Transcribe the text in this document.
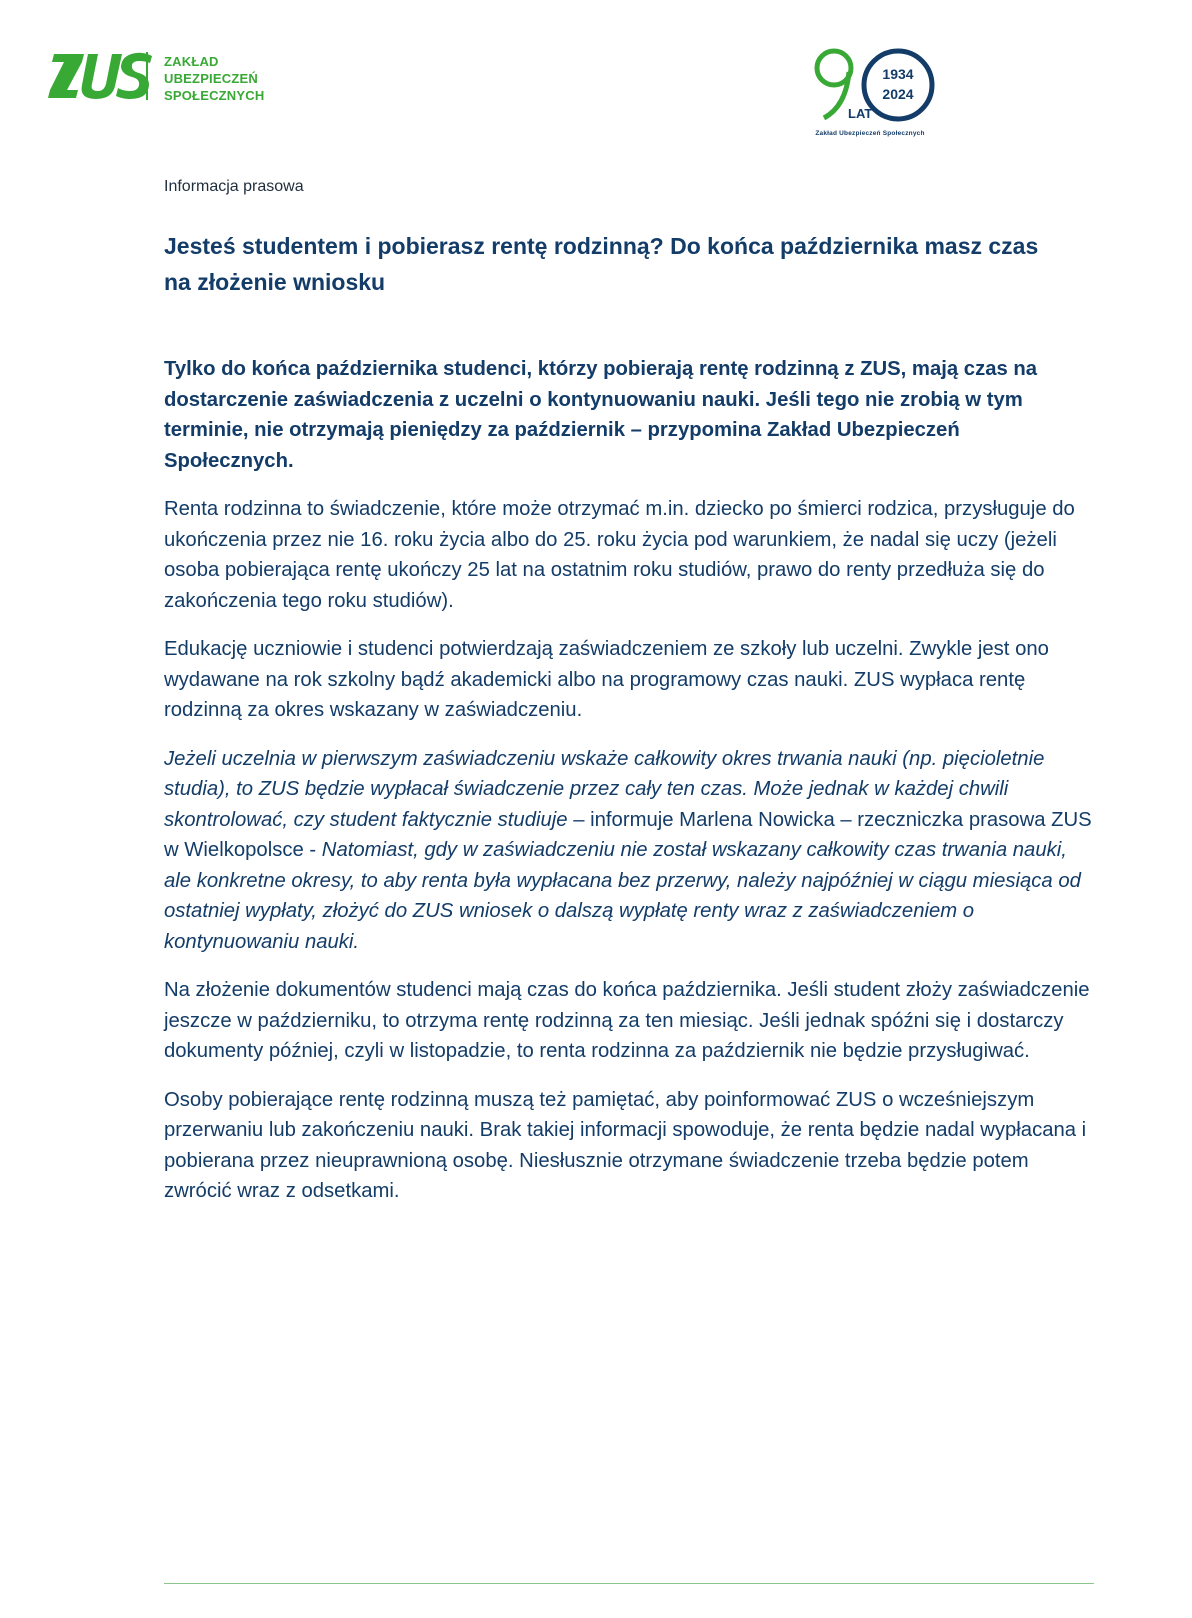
ZAKŁAD
UBEZPIECZEŃ
SPOŁECZNYCH
1934
2024
LAT
Zakład Ubezpieczeń Społecznych
Informacja prasowa
Jesteś studentem i pobierasz rentę rodzinną? Do końca października masz czas na złożenie wniosku

Tylko do końca października studenci, którzy pobierają rentę rodzinną z ZUS, mają czas na dostarczenie zaświadczenia z uczelni o kontynuowaniu nauki. Jeśli tego nie zrobią w tym terminie, nie otrzymają pieniędzy za październik – przypomina Zakład Ubezpieczeń Społecznych.

Renta rodzinna to świadczenie, które może otrzymać m.in. dziecko po śmierci rodzica, przysługuje do ukończenia przez nie 16. roku życia albo do 25. roku życia pod warunkiem, że nadal się uczy (jeżeli osoba pobierająca rentę ukończy 25 lat na ostatnim roku studiów, prawo do renty przedłuża się do zakończenia tego roku studiów).

Edukację uczniowie i studenci potwierdzają zaświadczeniem ze szkoły lub uczelni. Zwykle jest ono wydawane na rok szkolny bądź akademicki albo na programowy czas nauki. ZUS wypłaca rentę rodzinną za okres wskazany w zaświadczeniu.

Jeżeli uczelnia w pierwszym zaświadczeniu wskaże całkowity okres trwania nauki (np. pięcioletnie studia), to ZUS będzie wypłacał świadczenie przez cały ten czas. Może jednak w każdej chwili skontrolować, czy student faktycznie studiuje – informuje Marlena Nowicka – rzeczniczka prasowa ZUS w Wielkopolsce - Natomiast, gdy w zaświadczeniu nie został wskazany całkowity czas trwania nauki, ale konkretne okresy, to aby renta była wypłacana bez przerwy, należy najpóźniej w ciągu miesiąca od ostatniej wypłaty, złożyć do ZUS wniosek o dalszą wypłatę renty wraz z zaświadczeniem o kontynuowaniu nauki.

Na złożenie dokumentów studenci mają czas do końca października. Jeśli student złoży zaświadczenie jeszcze w październiku, to otrzyma rentę rodzinną za ten miesiąc. Jeśli jednak spóźni się i dostarczy dokumenty później, czyli w listopadzie, to renta rodzinna za październik nie będzie przysługiwać.

Osoby pobierające rentę rodzinną muszą też pamiętać, aby poinformować ZUS o wcześniejszym przerwaniu lub zakończeniu nauki. Brak takiej informacji spowoduje, że renta będzie nadal wypłacana i pobierana przez nieuprawnioną osobę. Niesłusznie otrzymane świadczenie trzeba będzie potem zwrócić wraz z odsetkami.
